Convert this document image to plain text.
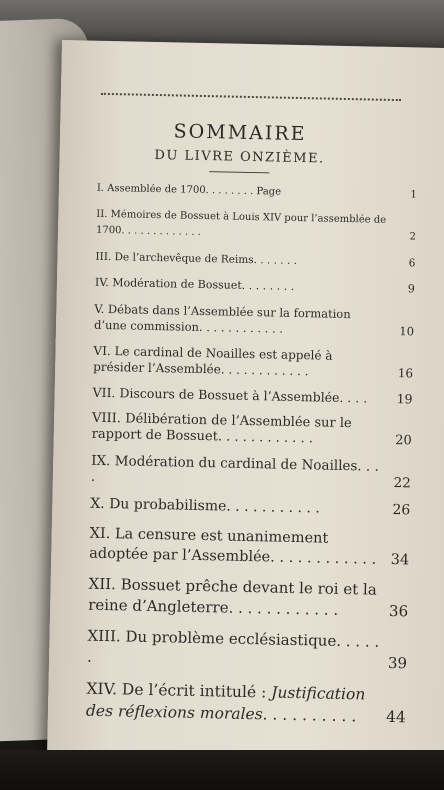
SOMMAIRE
DU LIVRE ONZIÈME.
I. Assemblée de 1700. . . . . . . . Page	1
II. Mémoires de Bossuet à Louis XIV pour l’assemblée de 1700. . . . . . . . . . . . .	2
III. De l’archevêque de Reims. . . . . . .	6
IV. Modération de Bossuet. . . . . . . .	9
V. Débats dans l’Assemblée sur la formation d’une commission. . . . . . . . . . . .	10
VI. Le cardinal de Noailles est appelé à présider l’Assemblée. . . . . . . . . . . .	16
VII. Discours de Bossuet à l’Assemblée. . . .	19
VIII. Délibération de l’Assemblée sur le rapport de Bossuet. . . . . . . . . . . .	20
IX. Modération du cardinal de Noailles. . . .	22
X. Du probabilisme. . . . . . . . . . .	26
XI. La censure est unanimement adoptée par l’Assemblée. . . . . . . . . . . . 34
XII. Bossuet prêche devant le roi et la reine d’Angleterre. . . . . . . . . . . .	36
XIII. Du problème ecclésiastique. . . . . .	39
XIV. De l’écrit intitulé : Justification des réflexions morales. . . . . . . . . .	44
